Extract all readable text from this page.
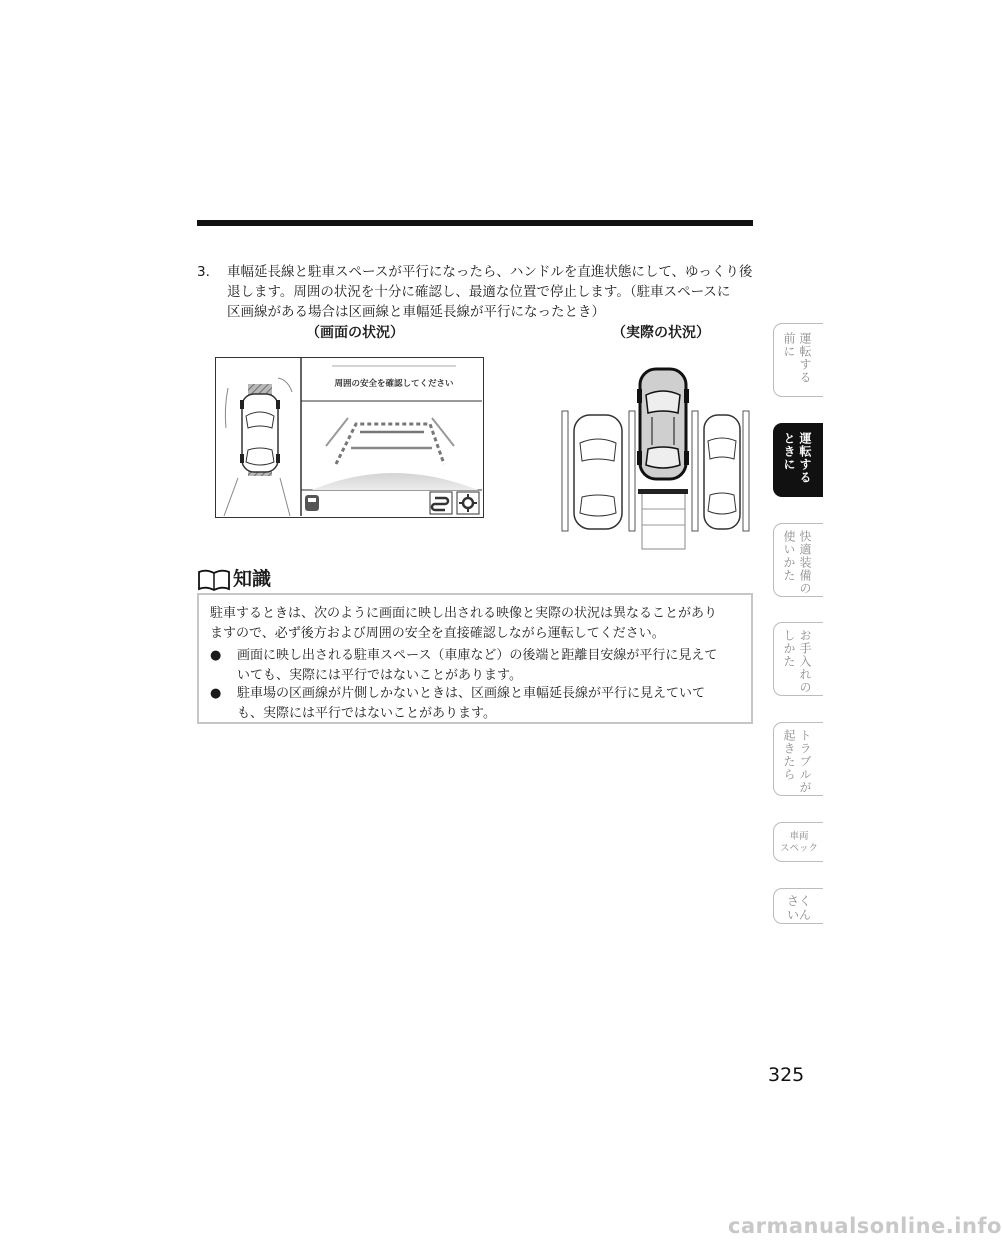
3. 車幅延長線と駐車スペースが平行になったら、ハンドルを直進状態にして、ゆっくり後
退します。周囲の状況を十分に確認し、最適な位置で停止します。（駐車スペースに
区画線がある場合は区画線と車幅延長線が平行になったとき）
（画面の状況）	（実際の状況）
周囲の安全を確認してください
知識
駐車するときは、次のように画面に映し出される映像と実際の状況は異なることがあり
ますので、必ず後方および周囲の安全を直接確認しながら運転してください。
● 画面に映し出される駐車スペース（車庫など）の後端と距離目安線が平行に見えて
いても、実際には平行ではないことがあります。
● 駐車場の区画線が片側しかないときは、区画線と車幅延長線が平行に見えていて
も、実際には平行ではないことがあります。
運転する
前に
運転する
ときに
快適装備の
使いかた
お手入れの
しかた
トラブルが
起きたら
車両
スペック
さく
いん
325
carmanualsonline.info
